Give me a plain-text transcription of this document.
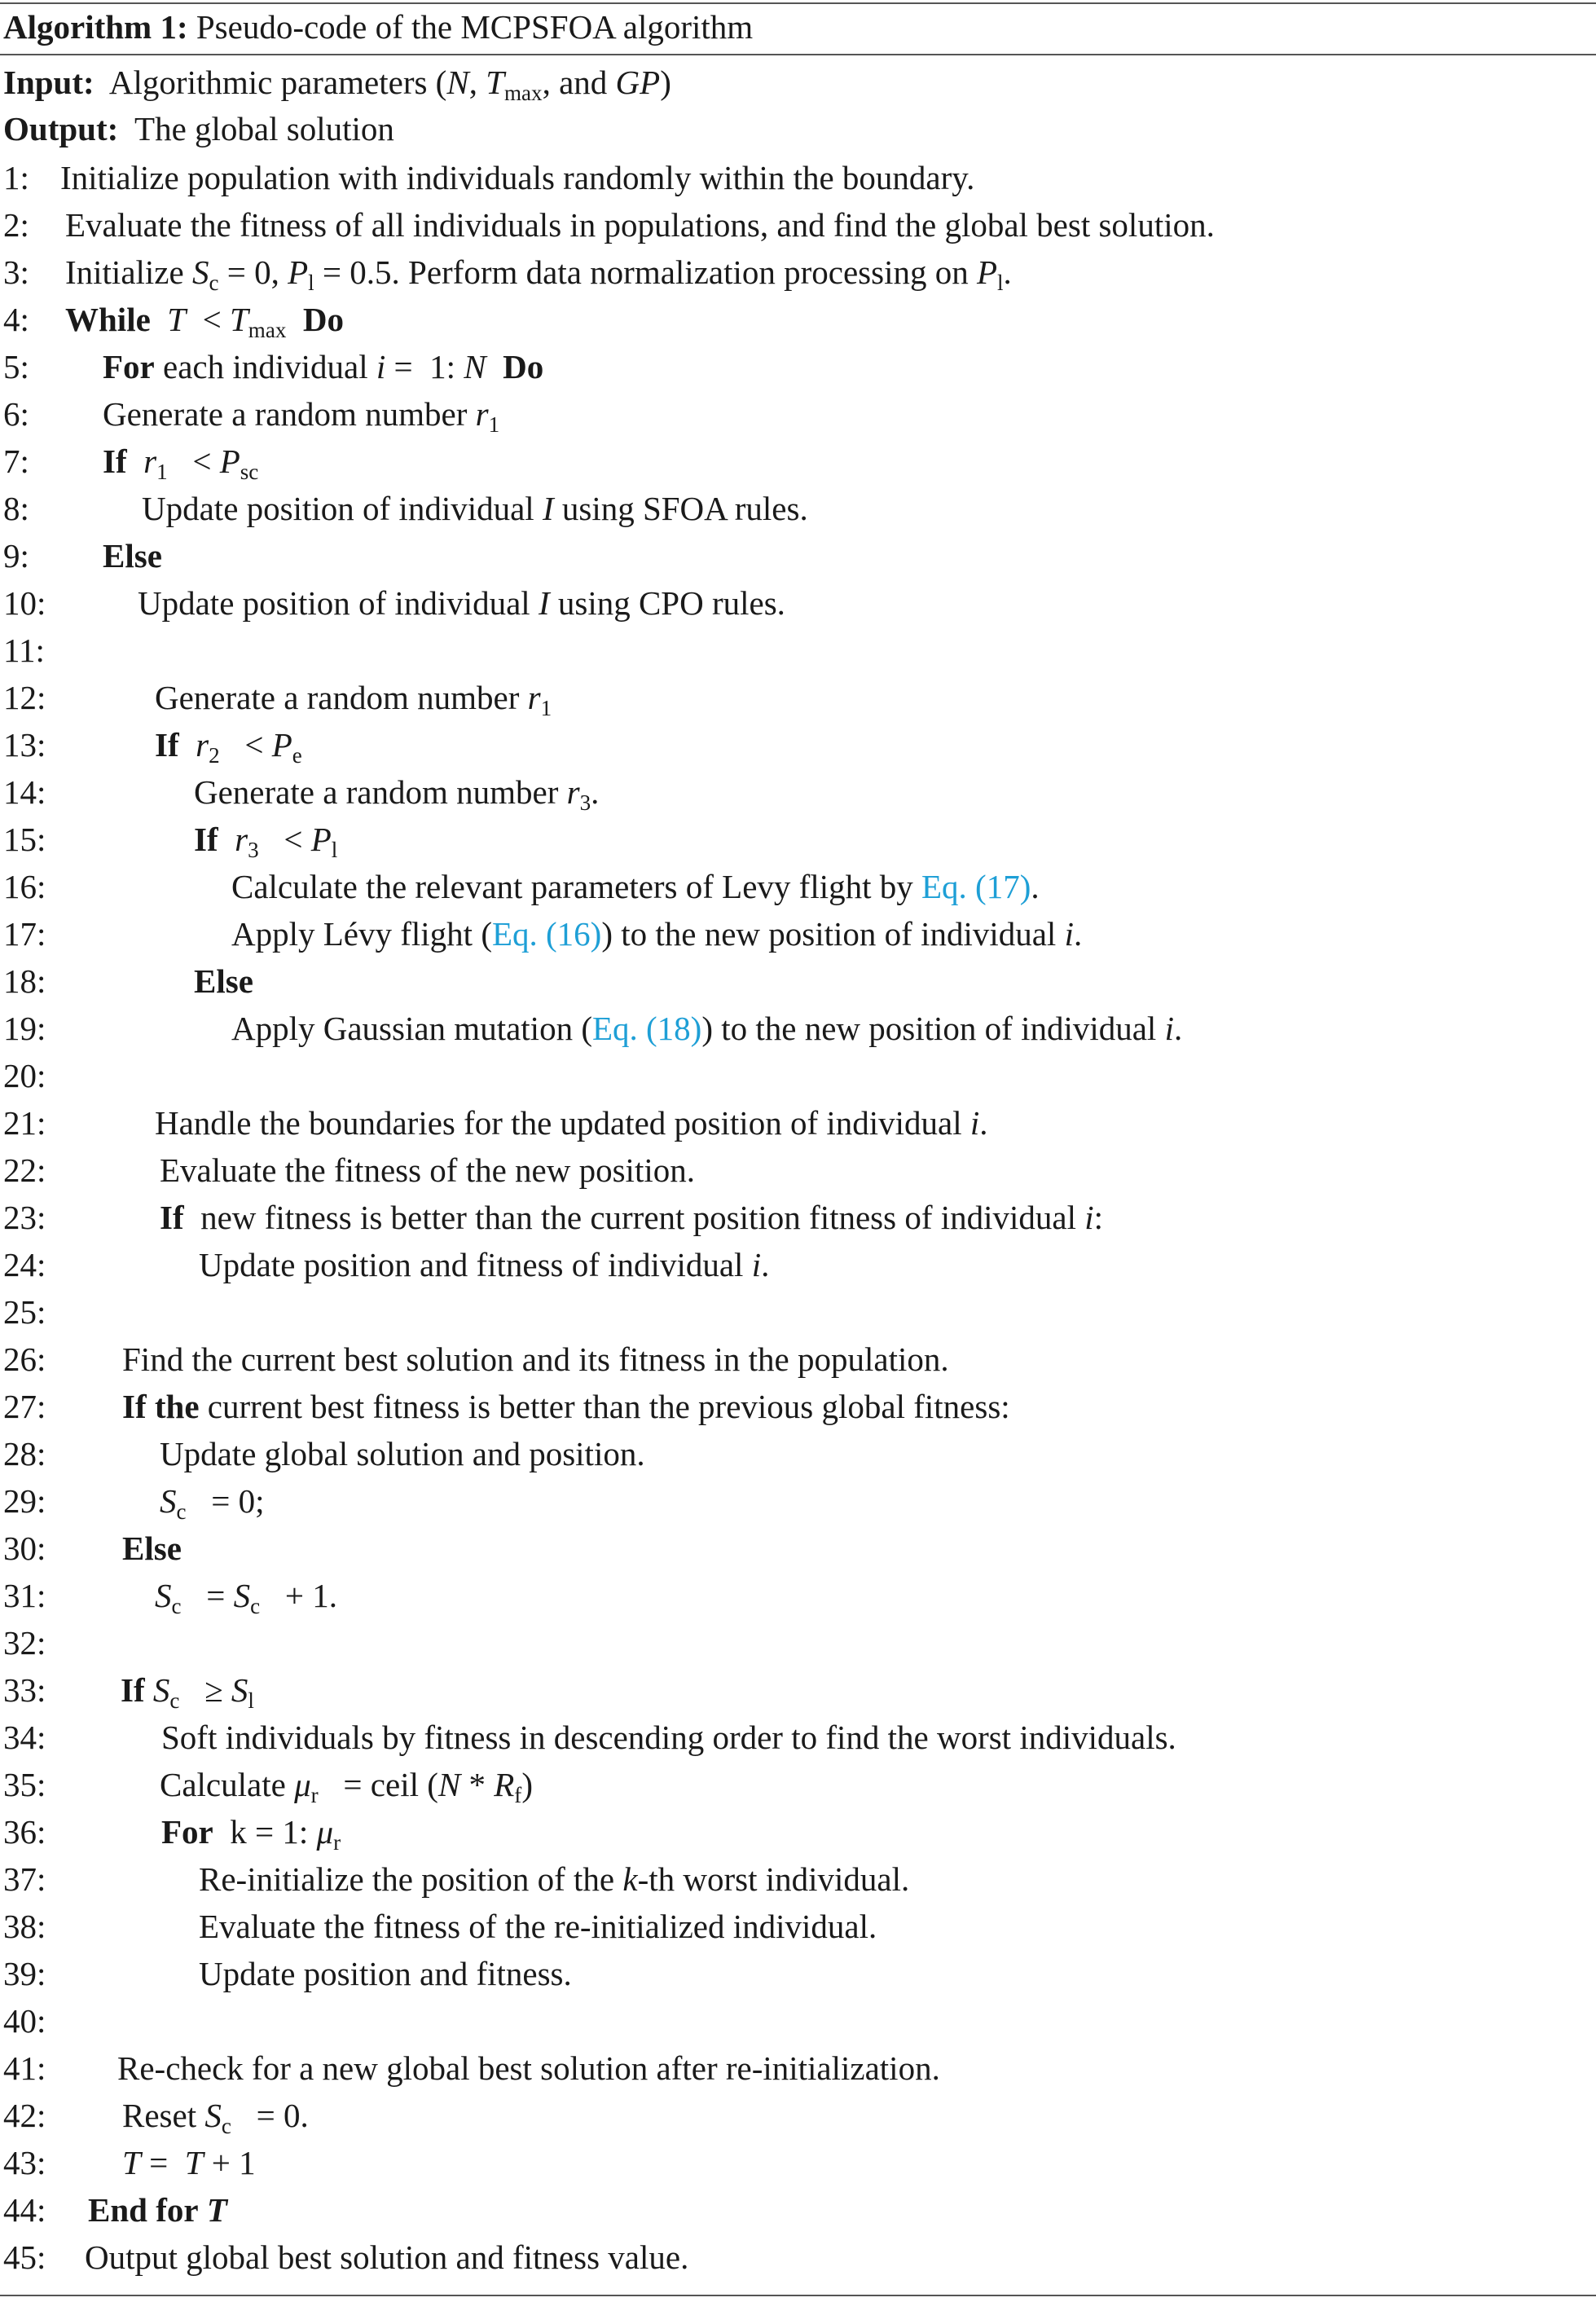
Algorithm 1: Pseudo-code of the MCPSFOA algorithm
Input: Algorithmic parameters (N, $T_{max}$, and GP)
Output: The global solution
1: Initialize population with individuals randomly within the boundary.
2: Evaluate the fitness of all individuals in populations, and find the global best solution.
3: Initialize $S_c = 0$, $P_l = 0.5$. Perform data normalization processing on $P_l$.
4: While $T < T_{max}$ Do
5: For each individual i =  1: N Do
6: Generate a random number $r_1$
7: If $r_1 < P_{sc}$
8:	Update position of individual I using SFOA rules.
9: Else
10:	Update position of individual I using CPO rules.
11:
12:	Generate a random number $r_1$
13:	If $r_2 < P_e$
14:	Generate a random number $r_3$.
15:	If $r_3 < P_l$
16:	Calculate the relevant parameters of Levy flight by Eq. (17).
17:	Apply Lévy flight (Eq. (16)) to the new position of individual i.
18:	Else
19:	Apply Gaussian mutation (Eq. (18)) to the new position of individual i.
20:
21:	Handle the boundaries for the updated position of individual i.
22:	Evaluate the fitness of the new position.
23:	If new fitness is better than the current position fitness of individual i:
24:	Update position and fitness of individual i.
25:
26: Find the current best solution and its fitness in the population.
27: If the current best fitness is better than the previous global fitness:
28:	Update global solution and position.
29:	$S_c = 0$;
30: Else
31:	$S_c = S_c + 1$.
32:
33: If $S_c \ge S_l$
34:	Soft individuals by fitness in descending order to find the worst individuals.
35:	Calculate $\mu_r$   = ceil $(N * R_f)$
36:	For k = 1: $\mu_r$
37:	Re-initialize the position of the k-th worst individual.
38:	Evaluate the fitness of the re-initialized individual.
39:	Update position and fitness.
40:
41: Re-check for a new global best solution after re-initialization.
42: Reset $S_c = 0$.
43: T =  T + 1
44: End for T
45: Output global best solution and fitness value.
